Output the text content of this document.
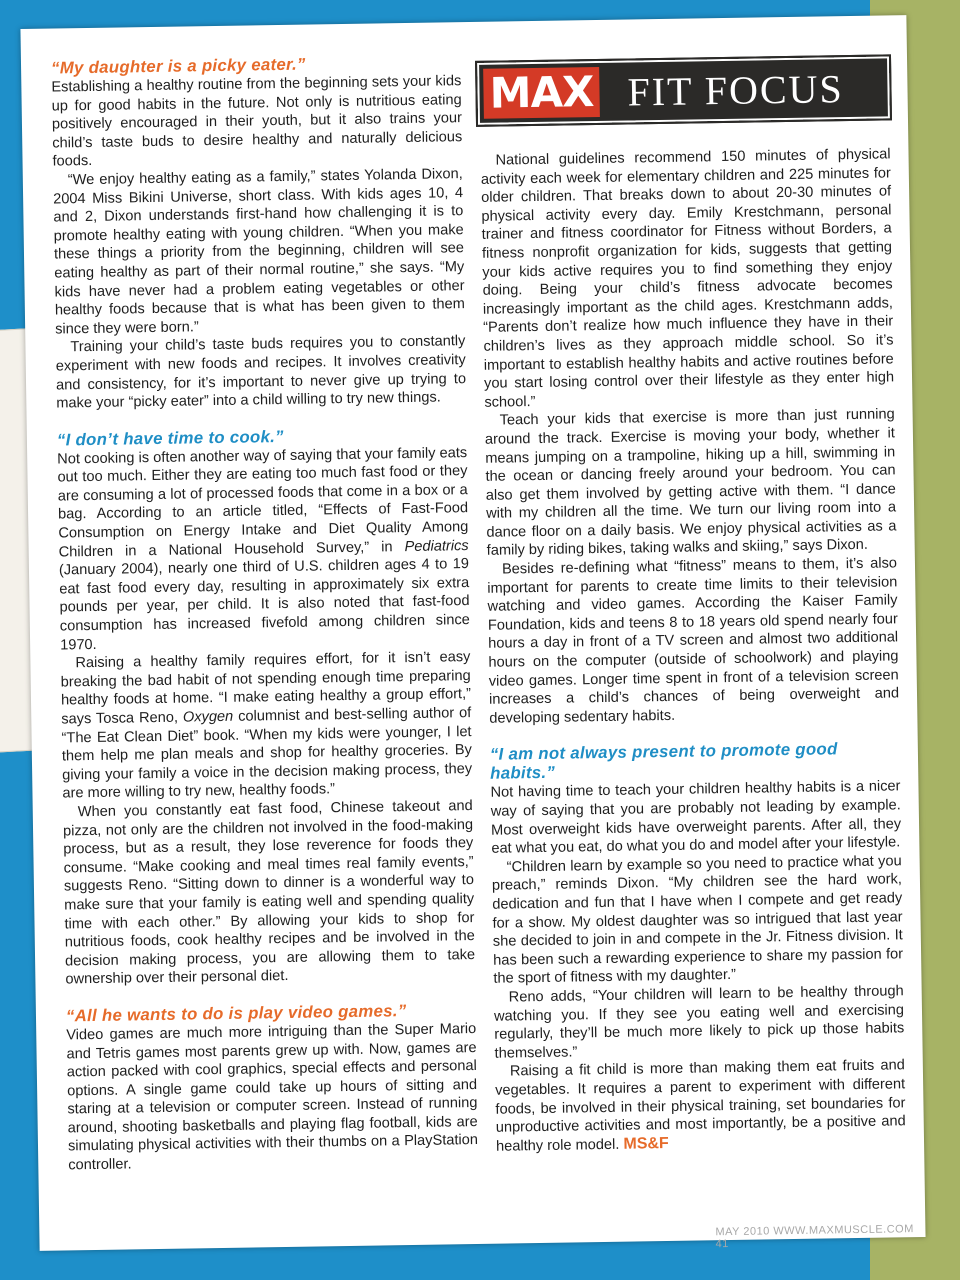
MAX FIT FOCUS
“My daughter is a picky eater.”

Establishing a healthy routine from the beginning sets your kids up for good habits in the future. Not only is nutritious eating positively encouraged in their youth, but it also trains your child’s taste buds to desire healthy and naturally delicious foods.

“We enjoy healthy eating as a family,” states Yolanda Dixon, 2004 Miss Bikini Universe, short class. With kids ages 10, 4 and 2, Dixon understands first-hand how challenging it is to promote healthy eating with young children. “When you make these things a priority from the beginning, children will see eating healthy as part of their normal routine,” she says. “My kids have never had a problem eating vegetables or other healthy foods because that is what has been given to them since they were born.”

Training your child’s taste buds requires you to constantly experiment with new foods and recipes. It involves creativity and consistency, for it’s important to never give up trying to make your “picky eater” into a child willing to try new things.

“I don’t have time to cook.”

Not cooking is often another way of saying that your family eats out too much. Either they are eating too much fast food or they are consuming a lot of processed foods that come in a box or a bag. According to an article titled, “Effects of Fast-Food Consumption on Energy Intake and Diet Quality Among Children in a National Household Survey,” in Pediatrics (January 2004), nearly one third of U.S. children ages 4 to 19 eat fast food every day, resulting in approximately six extra pounds per year, per child. It is also noted that fast-food consumption has increased fivefold among children since 1970.

Raising a healthy family requires effort, for it isn’t easy breaking the bad habit of not spending enough time preparing healthy foods at home. “I make eating healthy a group effort,” says Tosca Reno, Oxygen columnist and best-selling author of “The Eat Clean Diet” book. “When my kids were younger, I let them help me plan meals and shop for healthy groceries. By giving your family a voice in the decision making process, they are more willing to try new, healthy foods.”

When you constantly eat fast food, Chinese takeout and pizza, not only are the children not involved in the food-making process, but as a result, they lose reverence for foods they consume. “Make cooking and meal times real family events,” suggests Reno. “Sitting down to dinner is a wonderful way to make sure that your family is eating well and spending quality time with each other.” By allowing your kids to shop for nutritious foods, cook healthy recipes and be involved in the decision making process, you are allowing them to take ownership over their personal diet.

“All he wants to do is play video games.”

Video games are much more intriguing than the Super Mario and Tetris games most parents grew up with. Now, games are action packed with cool graphics, special effects and personal options. A single game could take up hours of sitting and staring at a television or computer screen. Instead of running around, shooting basketballs and playing flag football, kids are simulating physical activities with their thumbs on a PlayStation controller.

National guidelines recommend 150 minutes of physical activity each week for elementary children and 225 minutes for older children. That breaks down to about 20-30 minutes of physical activity every day. Emily Krestchmann, personal trainer and fitness coordinator for Fitness without Borders, a fitness nonprofit organization for kids, suggests that getting your kids active requires you to find something they enjoy doing. Being your child’s fitness advocate becomes increasingly important as the child ages. Krestchmann adds, “Parents don’t realize how much influence they have in their children’s lives as they approach middle school. So it’s important to establish healthy habits and active routines before you start losing control over their lifestyle as they enter high school.”

Teach your kids that exercise is more than just running around the track. Exercise is moving your body, whether it means jumping on a trampoline, hiking up a hill, swimming in the ocean or dancing freely around your bedroom. You can also get them involved by getting active with them. “I dance with my children all the time. We turn our living room into a dance floor on a daily basis. We enjoy physical activities as a family by riding bikes, taking walks and skiing,” says Dixon.

Besides re-defining what “fitness” means to them, it’s also important for parents to create time limits to their television watching and video games. According the Kaiser Family Foundation, kids and teens 8 to 18 years old spend nearly four hours a day in front of a TV screen and almost two additional hours on the computer (outside of schoolwork) and playing video games. Longer time spent in front of a television screen increases a child’s chances of being overweight and developing sedentary habits.

“I am not always present to promote good habits.”

Not having time to teach your children healthy habits is a nicer way of saying that you are probably not leading by example. Most overweight kids have overweight parents. After all, they eat what you eat, do what you do and model after your lifestyle.

“Children learn by example so you need to practice what you preach,” reminds Dixon. “My children see the hard work, dedication and fun that I have when I compete and get ready for a show. My oldest daughter was so intrigued that last year she decided to join in and compete in the Jr. Fitness division. It has been such a rewarding experience to share my passion for the sport of fitness with my daughter.”

Reno adds, “Your children will learn to be healthy through watching you. If they see you eating well and exercising regularly, they’ll be much more likely to pick up those habits themselves.”

Raising a fit child is more than making them eat fruits and vegetables. It requires a parent to experiment with different foods, be involved in their physical training, set boundaries for unproductive activities and most importantly, be a positive and healthy role model. MS&F

MAY 2010 WWW.MAXMUSCLE.COM 41
